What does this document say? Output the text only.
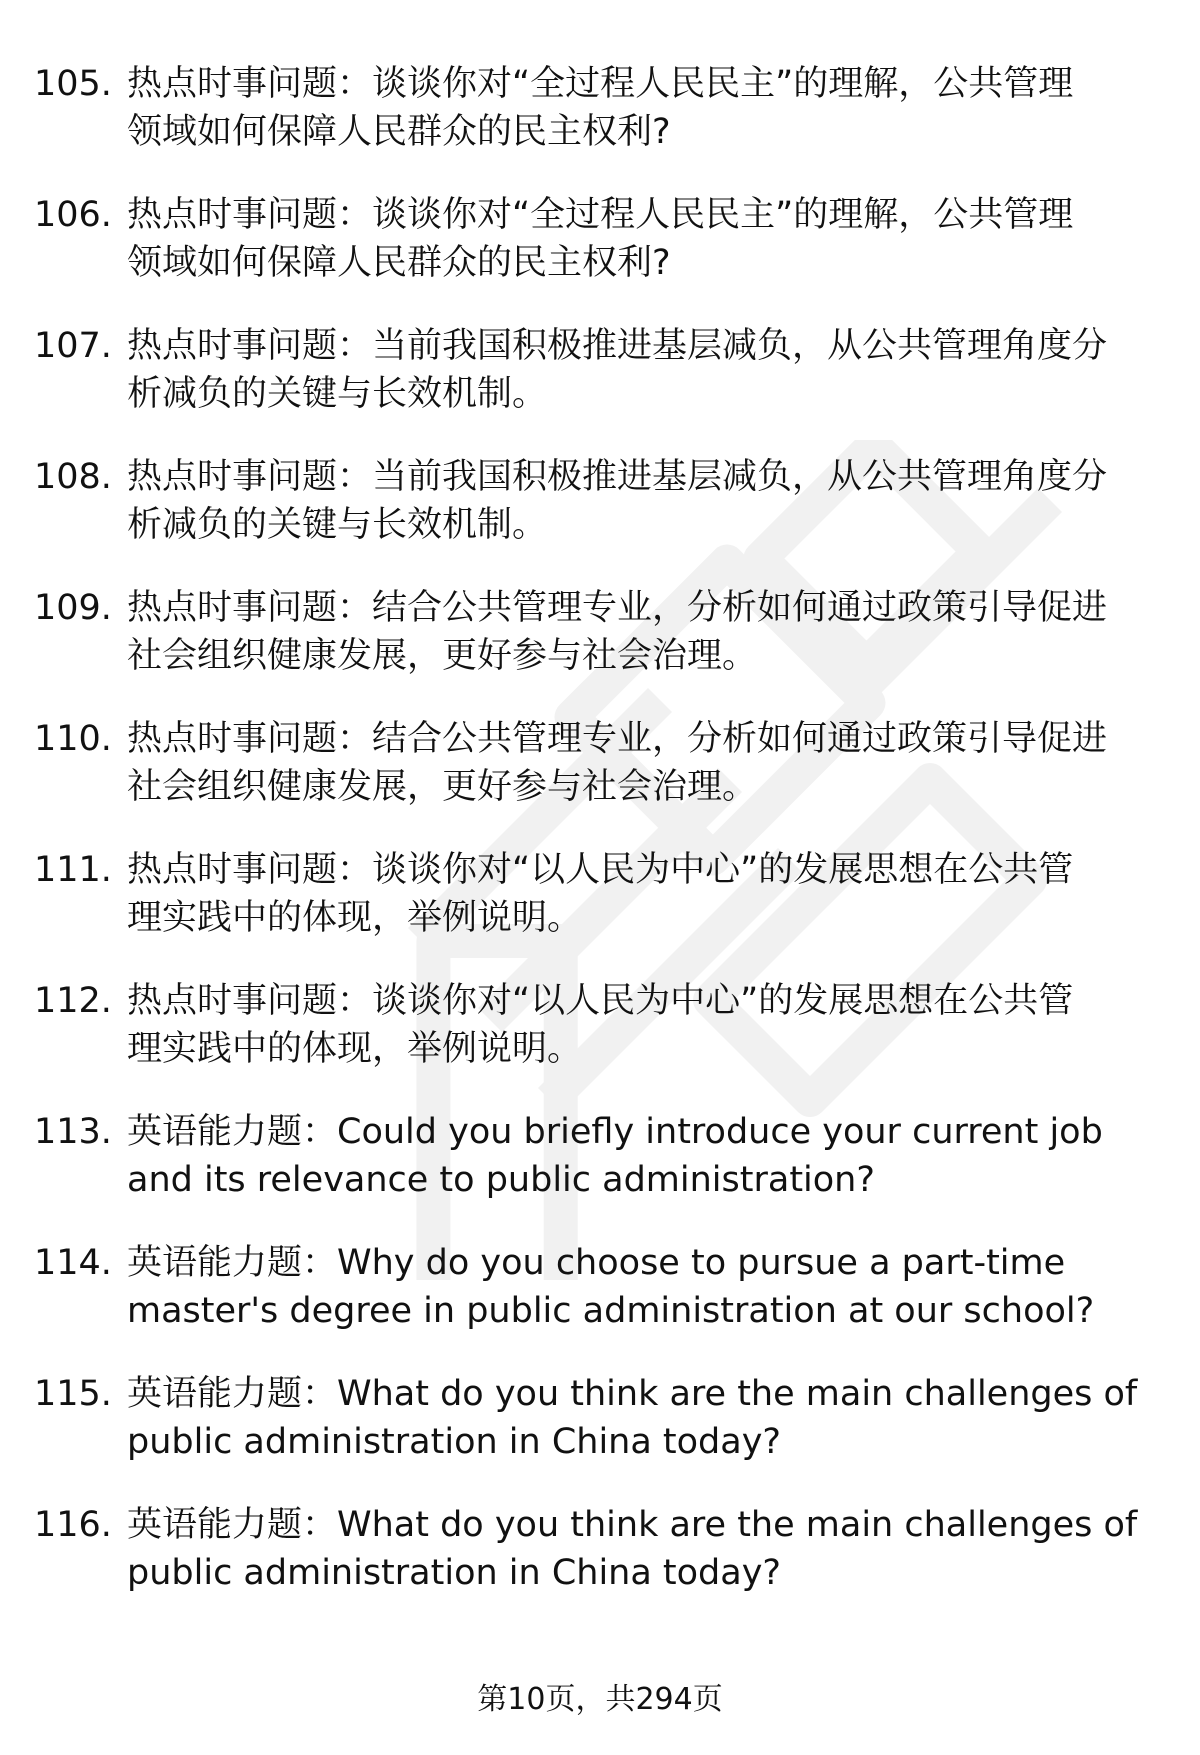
105. 热点时事问题：谈谈你对“全过程人民民主”的理解，公共管理
领域如何保障人民群众的民主权利?
106. 热点时事问题：谈谈你对“全过程人民民主”的理解，公共管理
领域如何保障人民群众的民主权利?
107. 热点时事问题：当前我国积极推进基层减负，从公共管理角度分
析减负的关键与长效机制。
108. 热点时事问题：当前我国积极推进基层减负，从公共管理角度分
析减负的关键与长效机制。
109. 热点时事问题：结合公共管理专业，分析如何通过政策引导促进
社会组织健康发展，更好参与社会治理。
110. 热点时事问题：结合公共管理专业，分析如何通过政策引导促进
社会组织健康发展，更好参与社会治理。
111. 热点时事问题：谈谈你对“以人民为中心”的发展思想在公共管
理实践中的体现，举例说明。
112. 热点时事问题：谈谈你对“以人民为中心”的发展思想在公共管
理实践中的体现，举例说明。
113. 英语能力题：Could you briefly introduce your current job
and its relevance to public administration?
114. 英语能力题：Why do you choose to pursue a part-time
master's degree in public administration at our school?
115. 英语能力题：What do you think are the main challenges of
public administration in China today?
116. 英语能力题：What do you think are the main challenges of
public administration in China today?
第10页，共294页
